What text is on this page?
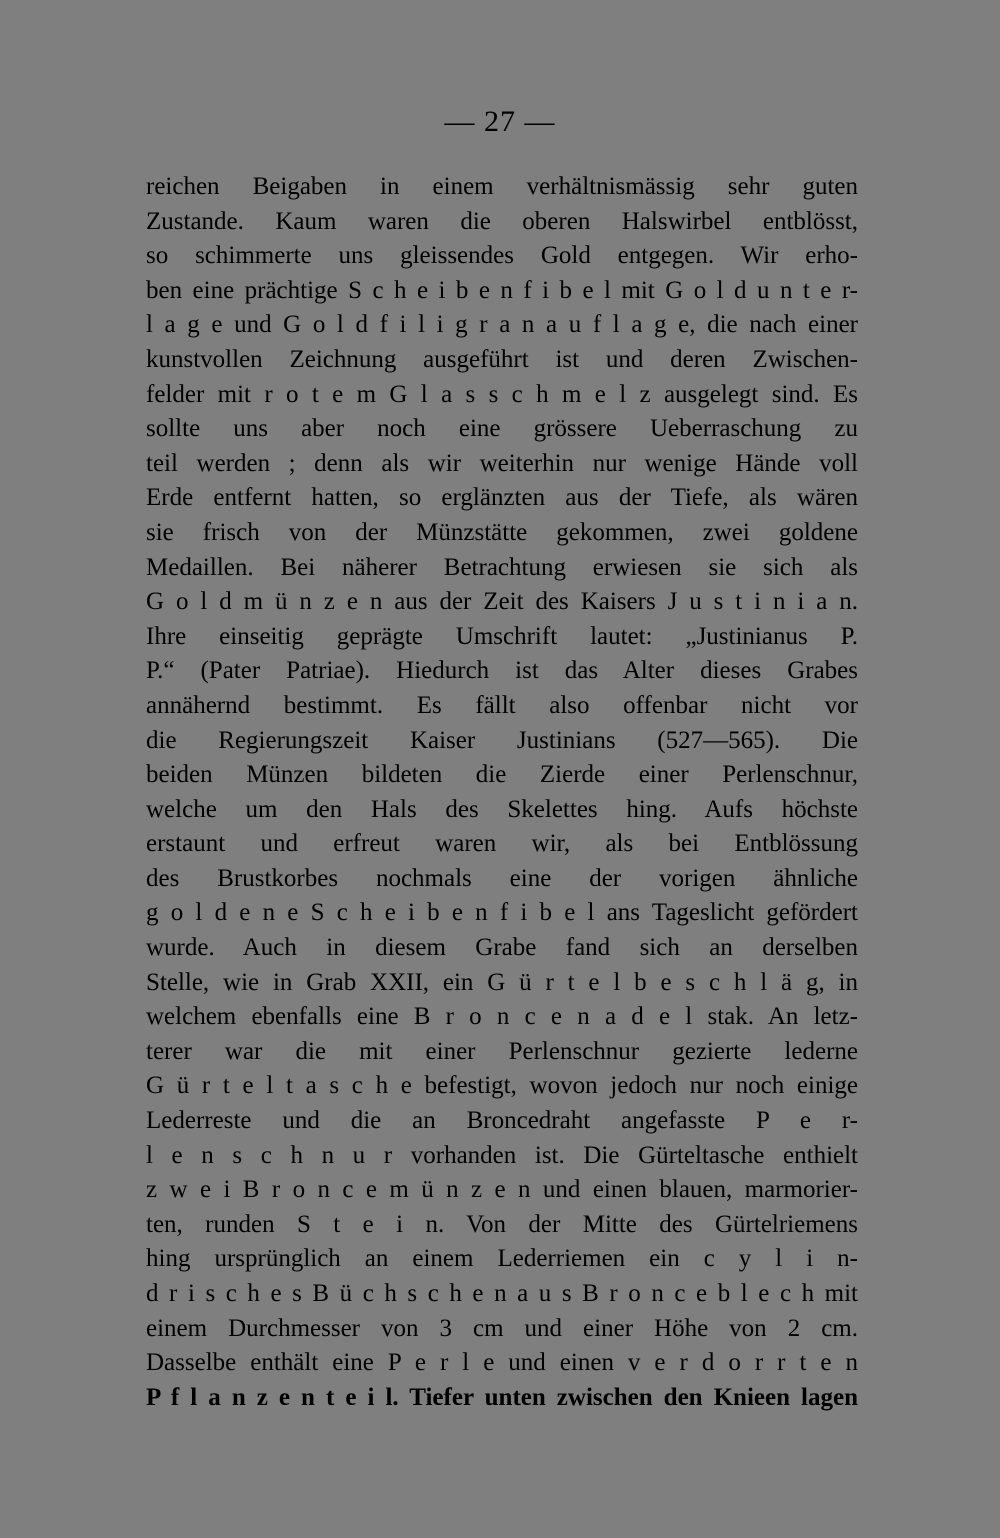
— 27 —
reichen Beigaben in einem verhältnismässig sehr guten
Zustande. Kaum waren die oberen Halswirbel entblösst,
so schimmerte uns gleissendes Gold entgegen. Wir erho-
ben eine prächtige S c h e i b e n f i b e l mit G o l d u n t e r-
l a g e und G o l d f i l i g r a n a u f l a g e, die nach einer
kunstvollen Zeichnung ausgeführt ist und deren Zwischen-
felder mit r o t e m G l a s s c h m e l z ausgelegt sind. Es
sollte uns aber noch eine grössere Ueberraschung zu
teil werden ; denn als wir weiterhin nur wenige Hände voll
Erde entfernt hatten, so erglänzten aus der Tiefe, als wären
sie frisch von der Münzstätte gekommen, zwei goldene
Medaillen. Bei näherer Betrachtung erwiesen sie sich als
G o l d m ü n z e n aus der Zeit des Kaisers J u s t i n i a n.
Ihre einseitig geprägte Umschrift lautet: „Justinianus P.
P.“ (Pater Patriae). Hiedurch ist das Alter dieses Grabes
annähernd bestimmt. Es fällt also offenbar nicht vor
die Regierungszeit Kaiser Justinians (527—565). Die
beiden Münzen bildeten die Zierde einer Perlenschnur,
welche um den Hals des Skelettes hing. Aufs höchste
erstaunt und erfreut waren wir, als bei Entblössung
des Brustkorbes nochmals eine der vorigen ähnliche
g o l d e n e S c h e i b e n f i b e l ans Tageslicht gefördert
wurde. Auch in diesem Grabe fand sich an derselben
Stelle, wie in Grab XXII, ein G ü r t e l b e s c h l ä g, in
welchem ebenfalls eine B r o n c e n a d e l stak. An letz-
terer war die mit einer Perlenschnur gezierte lederne
G ü r t e l t a s c h e befestigt, wovon jedoch nur noch einige
Lederreste und die an Broncedraht angefasste P e r-
l e n s c h n u r vorhanden ist. Die Gürteltasche enthielt
z w e i B r o n c e m ü n z e n und einen blauen, marmorier-
ten, runden S t e i n. Von der Mitte des Gürtelriemens
hing ursprünglich an einem Lederriemen ein c y l i n-
d r i s c h e s B ü c h s c h e n a u s B r o n c e b l e c h mit
einem Durchmesser von 3 cm und einer Höhe von 2 cm.
Dasselbe enthält eine P e r l e und einen v e r d o r r t e n
P f l a n z e n t e i l. Tiefer unten zwischen den Knieen lagen
